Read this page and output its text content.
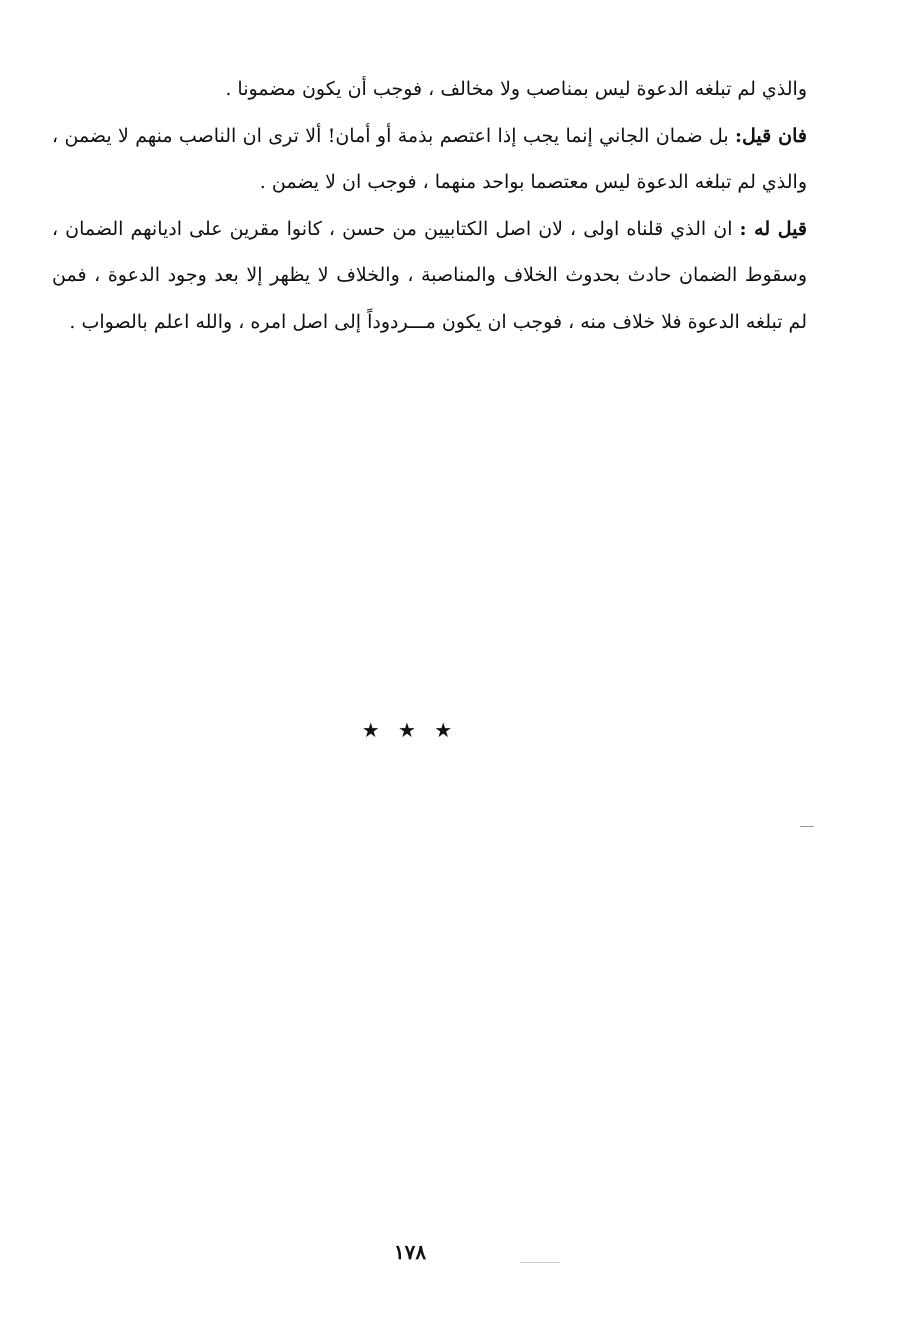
والذي لم تبلغه الدعوة ليس بمناصب ولا مخالف ، فوجب أن يكون مضمونا .

فان قيل: بل ضمان الجاني إنما يجب إذا اعتصم بذمة أو أمان! ألا ترى ان الناصب منهم لا يضمن ، والذي لم تبلغه الدعوة ليس معتصما بواحد منهما ، فوجب ان لا يضمن .

قيل له : ان الذي قلناه اولى ، لان اصل الكتابيين من حسن ، كانوا مقرين على اديانهم الضمان ، وسقوط الضمان حادث بحدوث الخلاف والمناصبة ، والخلاف لا يظهر إلا بعد وجود الدعوة ، فمن لم تبلغه الدعوة فلا خلاف منه ، فوجب ان يكون مـــردوداً إلى اصل امره ، والله اعلم بالصواب .

★ ★ ★
١٧٨
